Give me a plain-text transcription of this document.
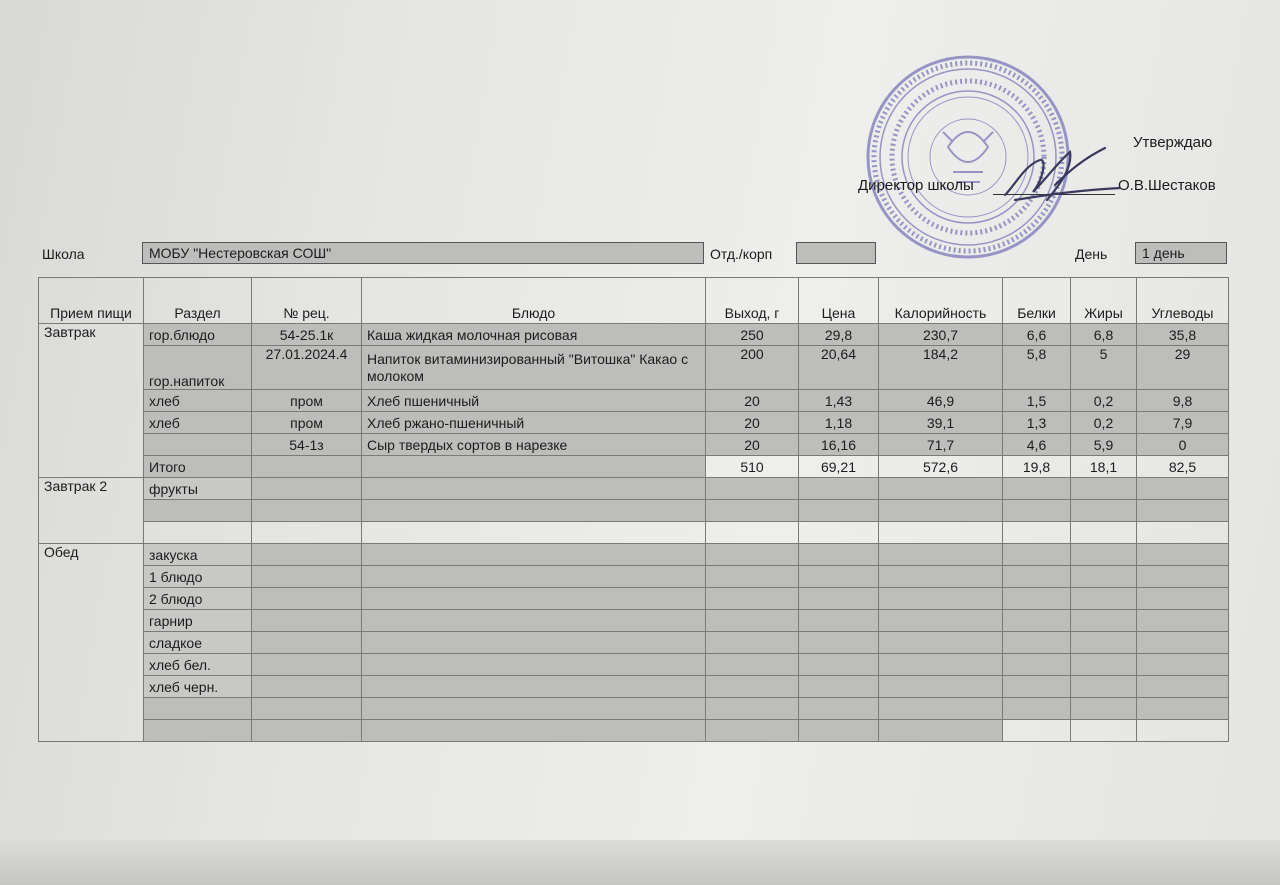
Утверждаю
Директор школы	О.В.Шестаков
Школа	МОБУ "Нестеровская СОШ"	Отд./корп	День	1 день
Прием пищи	Раздел	№ рец.	Блюдо	Выход, г	Цена	Калорийность	Белки	Жиры	Углеводы
Завтрак	гор.блюдо	54-25.1к	Каша жидкая молочная рисовая	250	29,8	230,7	6,6	6,8	35,8
	гор.напиток	27.01.2024.4	Напиток витаминизированный "Витошка" Какао с молоком	200	20,64	184,2	5,8	5	29
	хлеб	пром	Хлеб пшеничный	20	1,43	46,9	1,5	0,2	9,8
	хлеб	пром	Хлеб ржано-пшеничный	20	1,18	39,1	1,3	0,2	7,9
		54-1з	Сыр твердых сортов в нарезке	20	16,16	71,7	4,6	5,9	0
	Итого			510	69,21	572,6	19,8	18,1	82,5
Завтрак 2	фрукты								

Обед	закуска								
	1 блюдо								
	2 блюдо								
	гарнир								
	сладкое								
	хлеб бел.								
	хлеб черн.								
